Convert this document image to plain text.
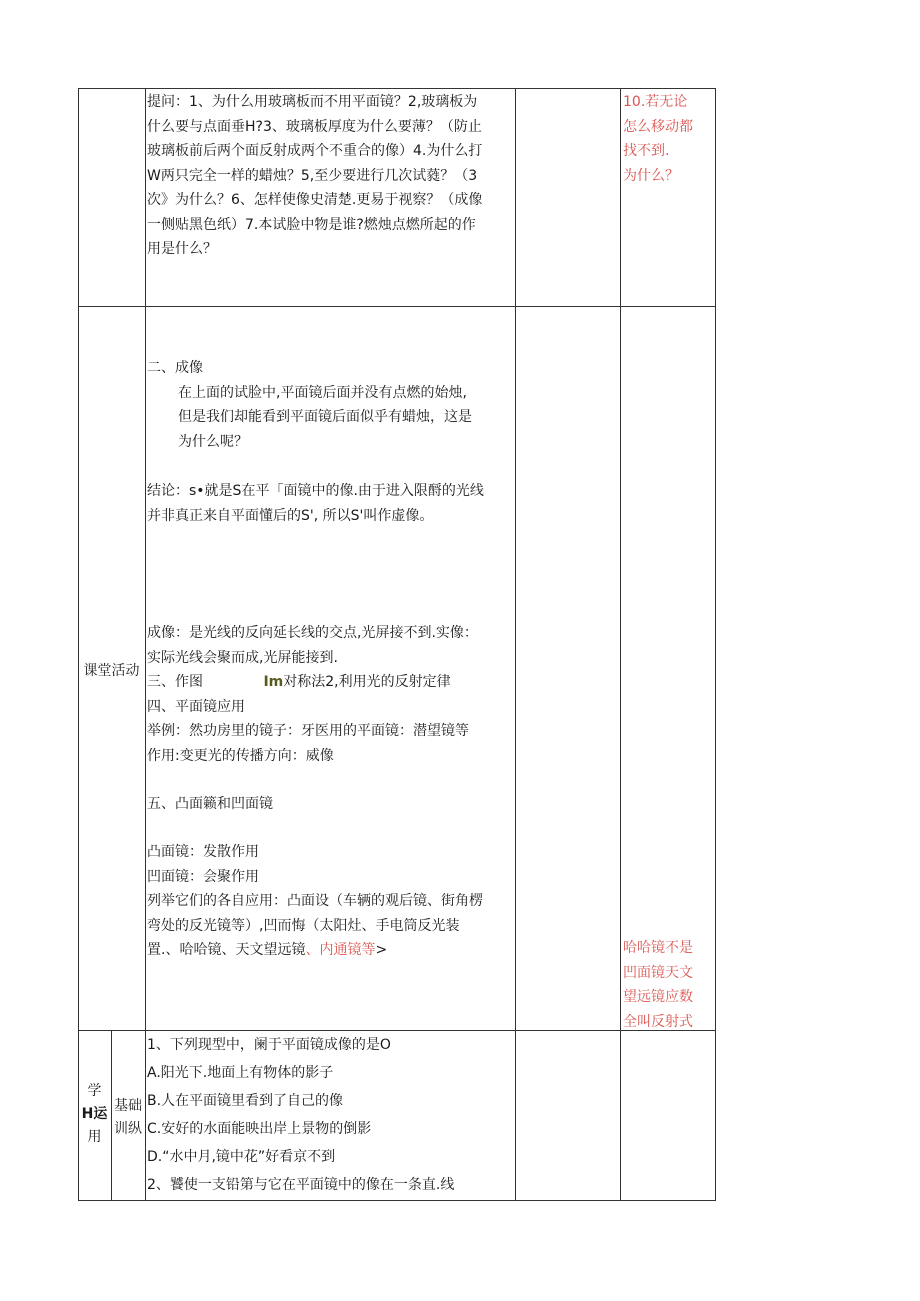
提问：1、为什么用玻璃板而不用平面镜？2,玻璃板为
什么要与点面垂H?3、玻璃板厚度为什么要薄？（防止
玻璃板前后两个面反射成两个不重合的像）4.为什么打
W两只完全一样的蜡烛？5,至少要进行几次试蕤？（3
次》为什么？6、怎样使像史清楚.更易于视察？（成像
一侧贴黑色纸）7.本试脸中物是谁?燃烛点燃所起的作
用是什么？
10.若无论
怎么移动都
找不到.
为什么？
课堂活动
二、成像
在上面的试脸中,平面镜后面并没有点燃的始烛,
但是我们却能看到平面镜后面似乎有蜡烛，这是
为什么呢？
结论：s•就是S在平「面镜中的像.由于进入限酹的光线
并非真正来自平面懂后的S', 所以S'叫作虚像。
成像：是光线的反向延长线的交点,光屏接不到.实像：
实际光线会聚而成,光屏能接到.
三、作图	Im对称法2,利用光的反射定律
四、平面镜应用
举例：然功房里的镜子：牙医用的平面镜：潜望镜等
作用:变更光的传播方向：威像
五、凸面籁和凹面镜
凸面镜：发散作用
凹面镜：会聚作用
列举它们的各自应用：凸面设（车辆的观后镜、街角楞
弯处的反光镜等）,凹而悔（太阳灶、手电筒反光装
置.、哈哈镜、天文望远镜、内通镜等>	哈哈镜不是
凹面镜天文
望远镜应数
全叫反射式
学
H运
用
基础
训纵
1、下列现型中，阑于平面镜成像的是O
A.阳光下.地面上有物体的影子
B.人在平面镜里看到了自己的像
C.安好的水面能映出岸上景物的倒影
D.“水中月,镜中花”好看京不到
2、饕使一支铅第与它在平面镜中的像在一条直.线
